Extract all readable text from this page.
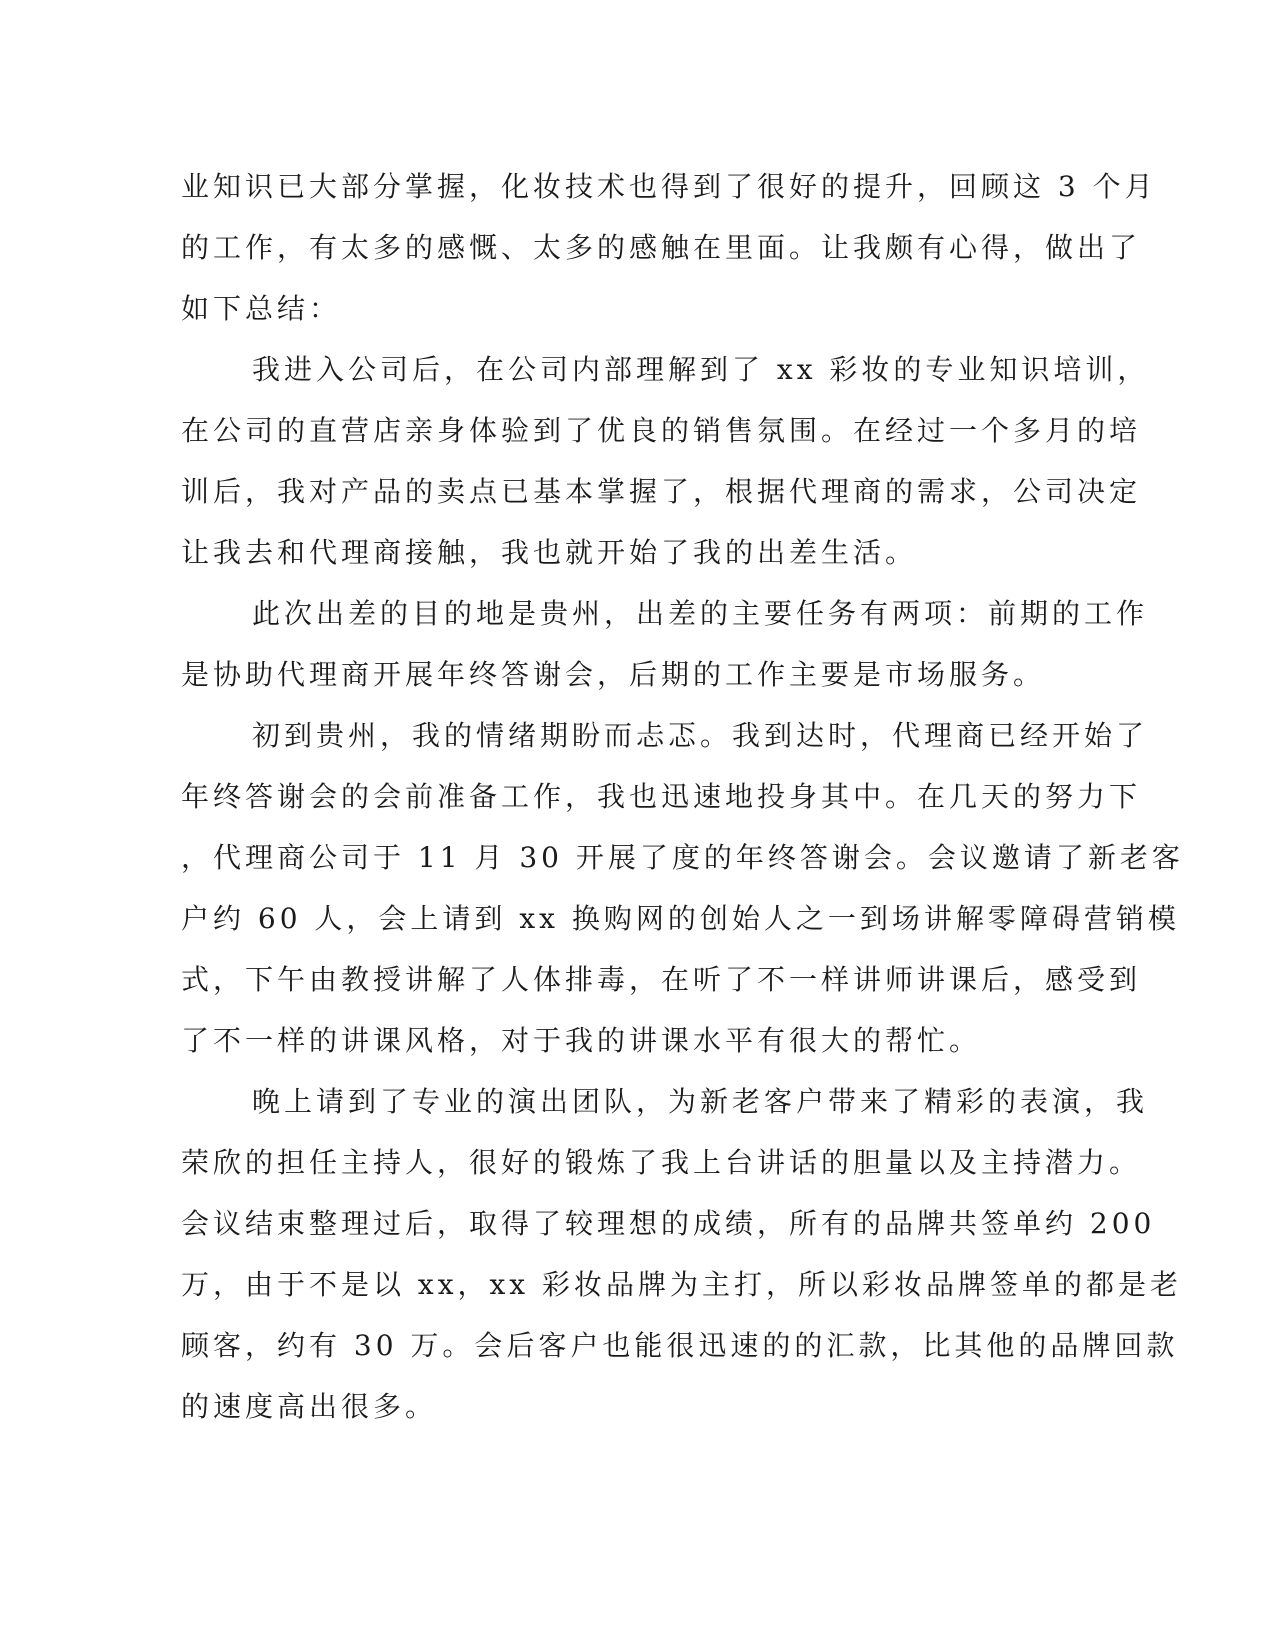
业知识已大部分掌握，化妆技术也得到了很好的提升，回顾这 3 个月
的工作，有太多的感慨、太多的感触在里面。让我颇有心得，做出了
如下总结：
我进入公司后，在公司内部理解到了 xx 彩妆的专业知识培训，
在公司的直营店亲身体验到了优良的销售氛围。在经过一个多月的培
训后，我对产品的卖点已基本掌握了，根据代理商的需求，公司决定
让我去和代理商接触，我也就开始了我的出差生活。
此次出差的目的地是贵州，出差的主要任务有两项：前期的工作
是协助代理商开展年终答谢会，后期的工作主要是市场服务。
初到贵州，我的情绪期盼而忐忑。我到达时，代理商已经开始了
年终答谢会的会前准备工作，我也迅速地投身其中。在几天的努力下
，代理商公司于 11 月 30 开展了度的年终答谢会。会议邀请了新老客
户约 60 人，会上请到 xx 换购网的创始人之一到场讲解零障碍营销模
式，下午由教授讲解了人体排毒，在听了不一样讲师讲课后，感受到
了不一样的讲课风格，对于我的讲课水平有很大的帮忙。
晚上请到了专业的演出团队，为新老客户带来了精彩的表演，我
荣欣的担任主持人，很好的锻炼了我上台讲话的胆量以及主持潜力。
会议结束整理过后，取得了较理想的成绩，所有的品牌共签单约 200
万，由于不是以 xx，xx 彩妆品牌为主打，所以彩妆品牌签单的都是老
顾客，约有 30 万。会后客户也能很迅速的的汇款，比其他的品牌回款
的速度高出很多。
